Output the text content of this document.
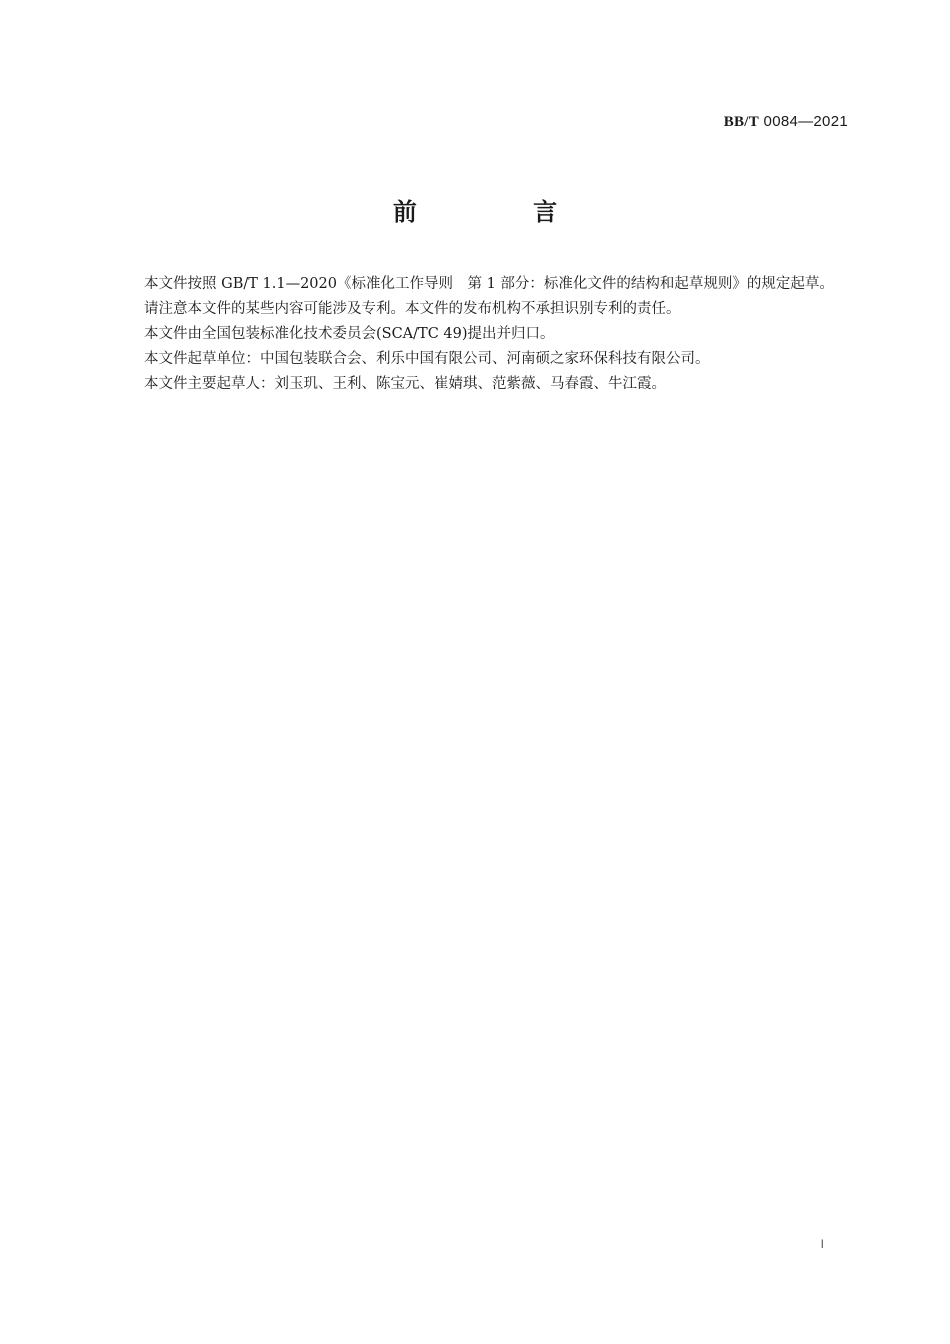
BB/T 0084—2021
前 言

本文件按照 GB/T 1.1—2020《标准化工作导则　第 1 部分：标准化文件的结构和起草规则》的规定起草。

请注意本文件的某些内容可能涉及专利。本文件的发布机构不承担识别专利的责任。

本文件由全国包装标准化技术委员会(SCA/TC 49)提出并归口。

本文件起草单位：中国包装联合会、利乐中国有限公司、河南硕之家环保科技有限公司。

本文件主要起草人：刘玉玑、王利、陈宝元、崔婧琪、范紫薇、马春霞、牛江霞。

I
